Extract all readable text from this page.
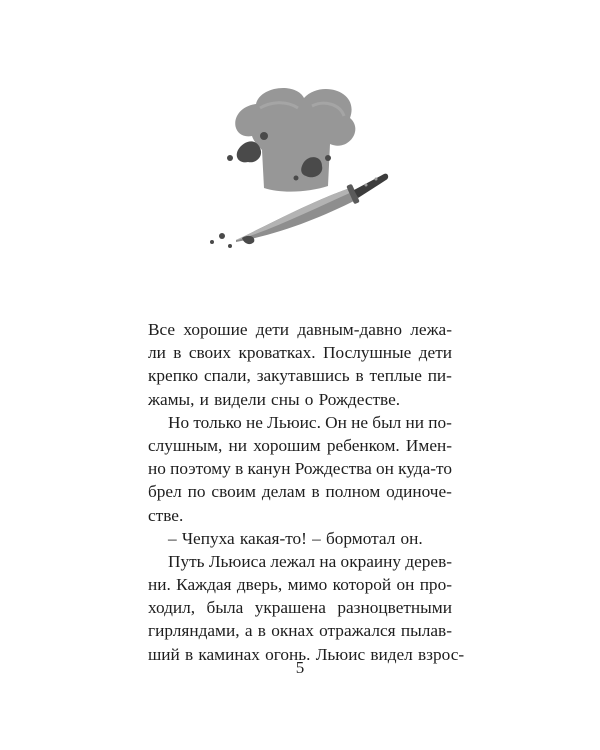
Все хорошие дети давным-давно лежа-
ли в своих кроватках. Послушные дети
крепко спали, закутавшись в теплые пи-
жамы, и видели сны о Рождестве.
Но только не Льюис. Он не был ни по-
слушным, ни хорошим ребенком. Имен-
но поэтому в канун Рождества он куда-то
брел по своим делам в полном одиноче-
стве.
– Чепуха какая-то! – бормотал он.
Путь Льюиса лежал на окраину дерев-
ни. Каждая дверь, мимо которой он про-
ходил, была украшена разноцветными
гирляндами, а в окнах отражался пылав-
ший в каминах огонь. Льюис видел взрос-
5
